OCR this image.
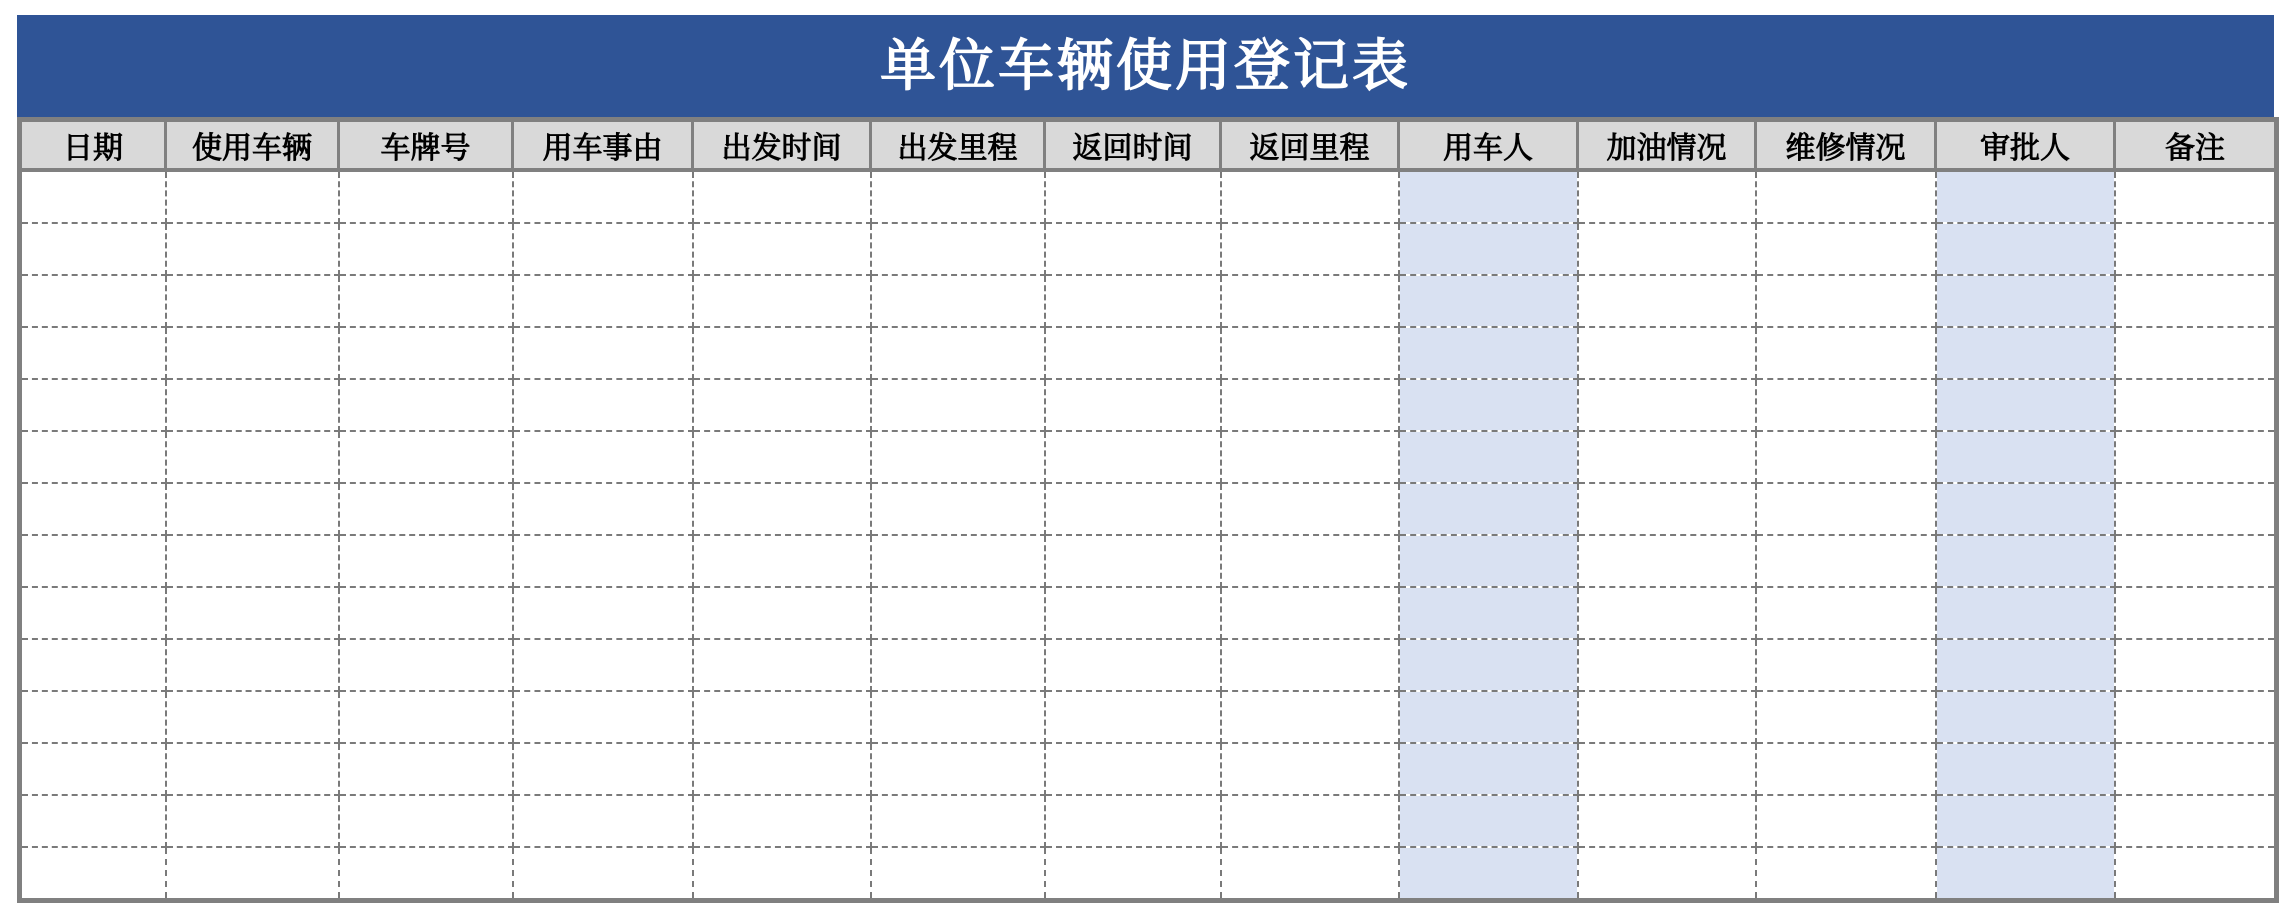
单位车辆使用登记表
日期	使用车辆	车牌号	用车事由	出发时间	出发里程	返回时间	返回里程	用车人	加油情况	维修情况	审批人	备注
